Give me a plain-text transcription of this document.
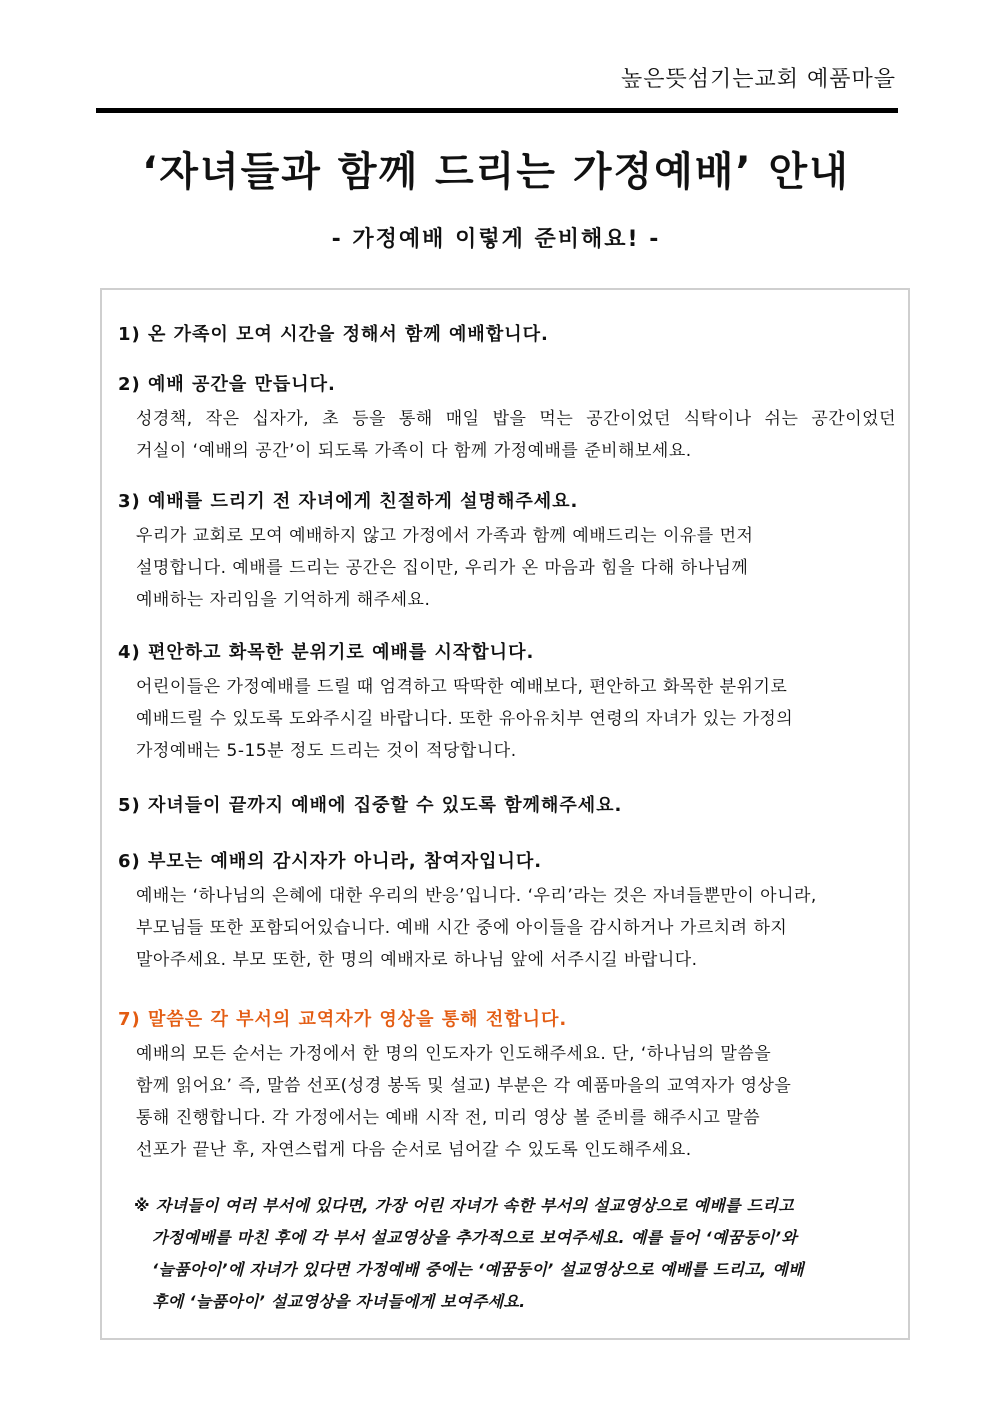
높은뜻섬기는교회 예품마을
‘자녀들과 함께 드리는 가정예배’ 안내
- 가정예배 이렇게 준비해요! -
1) 온 가족이 모여 시간을 정해서 함께 예배합니다.
2) 예배 공간을 만듭니다.
성경책, 작은 십자가, 초 등을 통해 매일 밥을 먹는 공간이었던 식탁이나 쉬는 공간이었던
거실이 ‘예배의 공간’이 되도록 가족이 다 함께 가정예배를 준비해보세요.
3) 예배를 드리기 전 자녀에게 친절하게 설명해주세요.
우리가 교회로 모여 예배하지 않고 가정에서 가족과 함께 예배드리는 이유를 먼저
설명합니다. 예배를 드리는 공간은 집이만, 우리가 온 마음과 힘을 다해 하나님께
예배하는 자리임을 기억하게 해주세요.
4) 편안하고 화목한 분위기로 예배를 시작합니다.
어린이들은 가정예배를 드릴 때 엄격하고 딱딱한 예배보다, 편안하고 화목한 분위기로
예배드릴 수 있도록 도와주시길 바랍니다. 또한 유아유치부 연령의 자녀가 있는 가정의
가정예배는 5-15분 정도 드리는 것이 적당합니다.
5) 자녀들이 끝까지 예배에 집중할 수 있도록 함께해주세요.
6) 부모는 예배의 감시자가 아니라, 참여자입니다.
예배는 ‘하나님의 은혜에 대한 우리의 반응’입니다. ‘우리’라는 것은 자녀들뿐만이 아니라,
부모님들 또한 포함되어있습니다. 예배 시간 중에 아이들을 감시하거나 가르치려 하지
말아주세요. 부모 또한, 한 명의 예배자로 하나님 앞에 서주시길 바랍니다.
7) 말씀은 각 부서의 교역자가 영상을 통해 전합니다.
예배의 모든 순서는 가정에서 한 명의 인도자가 인도해주세요. 단, ‘하나님의 말씀을
함께 읽어요’ 즉, 말씀 선포(성경 봉독 및 설교) 부분은 각 예품마을의 교역자가 영상을
통해 진행합니다. 각 가정에서는 예배 시작 전, 미리 영상 볼 준비를 해주시고 말씀
선포가 끝난 후, 자연스럽게 다음 순서로 넘어갈 수 있도록 인도해주세요.
※ 자녀들이 여러 부서에 있다면, 가장 어린 자녀가 속한 부서의 설교영상으로 예배를 드리고
가정예배를 마친 후에 각 부서 설교영상을 추가적으로 보여주세요. 예를 들어 ‘예꿈둥이’와
‘늘품아이’에 자녀가 있다면 가정예배 중에는 ‘예꿈둥이’ 설교영상으로 예배를 드리고, 예배
후에 ‘늘품아이’ 설교영상을 자녀들에게 보여주세요.
